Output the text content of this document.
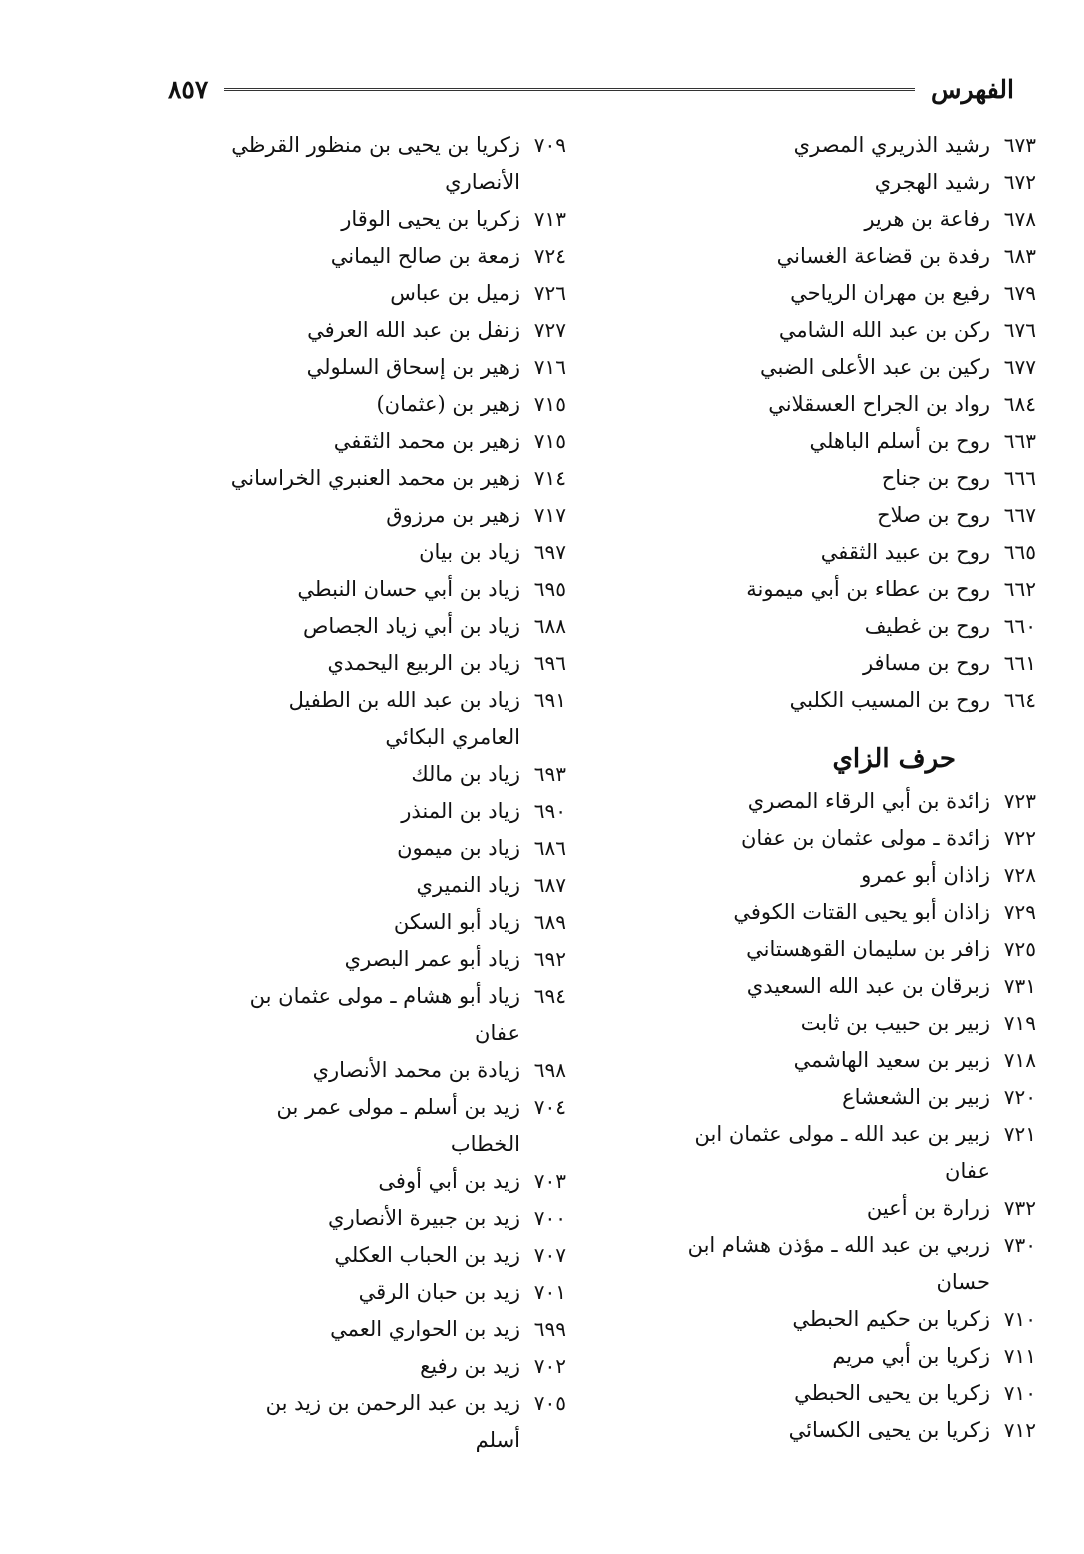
الفهرس
٨٥٧
٦٧٣
رشيد الذريري المصري
٦٧٢
رشيد الهجري
٦٧٨
رفاعة بن هرير
٦٨٣
رفدة بن قضاعة الغساني
٦٧٩
رفيع بن مهران الرياحي
٦٧٦
ركن بن عبد الله الشامي
٦٧٧
ركين بن عبد الأعلى الضبي
٦٨٤
رواد بن الجراح العسقلاني
٦٦٣
روح بن أسلم الباهلي
٦٦٦
روح بن جناح
٦٦٧
روح بن صلاح
٦٦٥
روح بن عبيد الثقفي
٦٦٢
روح بن عطاء بن أبي ميمونة
٦٦٠
روح بن غطيف
٦٦١
روح بن مسافر
٦٦٤
روح بن المسيب الكلبي
حرف الزاي
٧٢٣
زائدة بن أبي الرقاء المصري
٧٢٢
زائدة ـ مولى عثمان بن عفان
٧٢٨
زاذان أبو عمرو
٧٢٩
زاذان أبو يحيى القتات الكوفي
٧٢٥
زافر بن سليمان القوهستاني
٧٣١
زبرقان بن عبد الله السعيدي
٧١٩
زبير بن حبيب بن ثابت
٧١٨
زبير بن سعيد الهاشمي
٧٢٠
زبير بن الشعشاع
٧٢١
زبير بن عبد الله ـ مولى عثمان ابن عفان
٧٣٢
زرارة بن أعين
٧٣٠
زربي بن عبد الله ـ مؤذن هشام ابن حسان
٧١٠
زكريا بن حكيم الحبطي
٧١١
زكريا بن أبي مريم
٧١٠
زكريا بن يحيى الحبطي
٧١٢
زكريا بن يحيى الكسائي
٧٠٩
زكريا بن يحيى بن منظور القرظي الأنصاري
٧١٣
زكريا بن يحيى الوقار
٧٢٤
زمعة بن صالح اليماني
٧٢٦
زميل بن عباس
٧٢٧
زنفل بن عبد الله العرفي
٧١٦
زهير بن إسحاق السلولي
٧١٥
زهير بن (عثمان)
٧١٥
زهير بن محمد الثقفي
٧١٤
زهير بن محمد العنبري الخراساني
٧١٧
زهير بن مرزوق
٦٩٧
زياد بن بيان
٦٩٥
زياد بن أبي حسان النبطي
٦٨٨
زياد بن أبي زياد الجصاص
٦٩٦
زياد بن الربيع اليحمدي
٦٩١
زياد بن عبد الله بن الطفيل العامري البكائي
٦٩٣
زياد بن مالك
٦٩٠
زياد بن المنذر
٦٨٦
زياد بن ميمون
٦٨٧
زياد النميري
٦٨٩
زياد أبو السكن
٦٩٢
زياد أبو عمر البصري
٦٩٤
زياد أبو هشام ـ مولى عثمان بن عفان
٦٩٨
زيادة بن محمد الأنصاري
٧٠٤
زيد بن أسلم ـ مولى عمر بن الخطاب
٧٠٣
زيد بن أبي أوفى
٧٠٠
زيد بن جبيرة الأنصاري
٧٠٧
زيد بن الحباب العكلي
٧٠١
زيد بن حبان الرقي
٦٩٩
زيد بن الحواري العمي
٧٠٢
زيد بن رفيع
٧٠٥
زيد بن عبد الرحمن بن زيد بن أسلم
